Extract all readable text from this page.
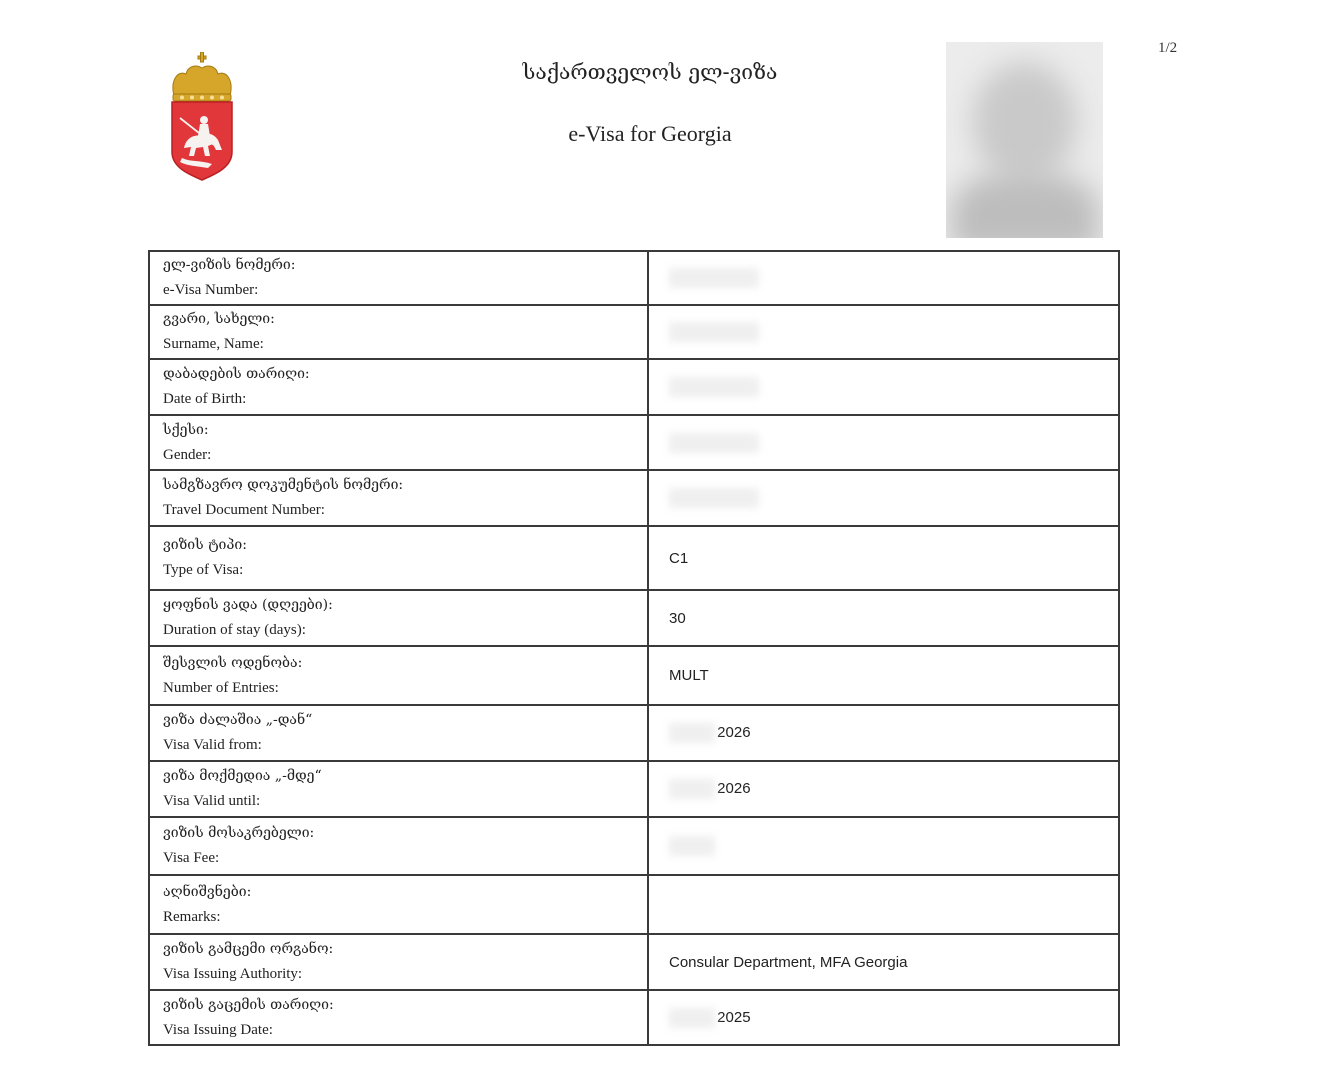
1/2
საქართველოს ელ-ვიზა
e-Visa for Georgia
ელ-ვიზის ნომერი:
e-Visa Number:	

გვარი, სახელი:
Surname, Name:	

დაბადების თარიღი:
Date of Birth:	

სქესი:
Gender:	

სამგზავრო დოკუმენტის ნომერი:
Travel Document Number:	

ვიზის ტიპი:
Type of Visa:	C1

ყოფნის ვადა (დღეები):
Duration of stay (days):	30

შესვლის ოდენობა:
Number of Entries:	MULT

ვიზა ძალაშია „-დან“
Visa Valid from:	2026

ვიზა მოქმედია „-მდე“
Visa Valid until:	2026

ვიზის მოსაკრებელი:
Visa Fee:	

აღნიშვნები:
Remarks:	

ვიზის გამცემი ორგანო:
Visa Issuing Authority:	Consular Department, MFA Georgia

ვიზის გაცემის თარიღი:
Visa Issuing Date:	2025
